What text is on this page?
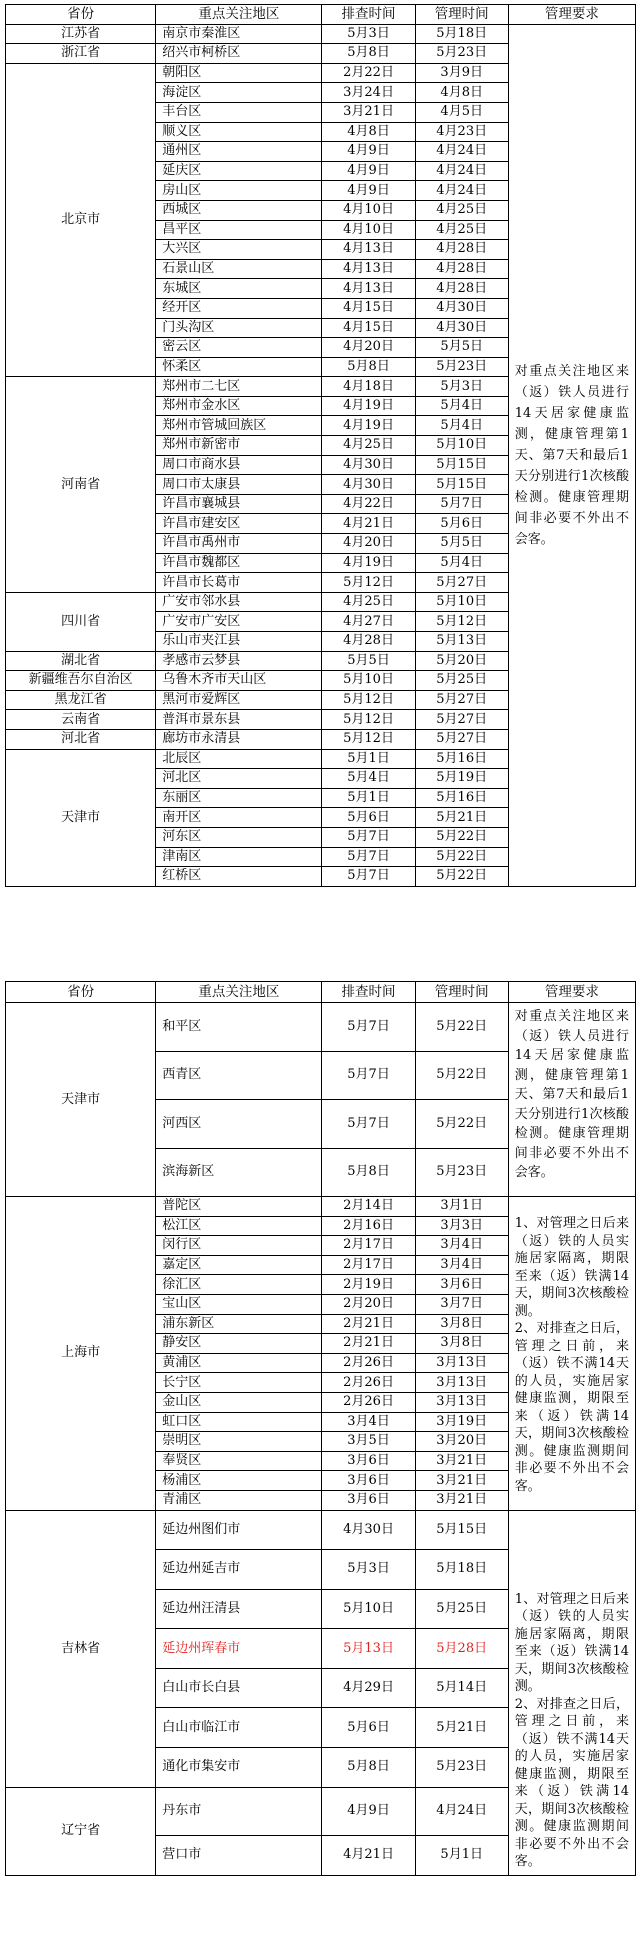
省份	重点关注地区	排查时间	管理时间	管理要求
江苏省	南京市秦淮区	5月3日	5月18日	对重点关注地区来（返）铁人员进行14天居家健康监测，健康管理第1天、第7天和最后1天分别进行1次核酸检测。健康管理期间非必要不外出不会客。
浙江省	绍兴市柯桥区	5月8日	5月23日	
北京市	朝阳区	2月22日	3月9日	
	海淀区	3月24日	4月8日	
	丰台区	3月21日	4月5日	
	顺义区	4月8日	4月23日	
	通州区	4月9日	4月24日	
	延庆区	4月9日	4月24日	
	房山区	4月9日	4月24日	
	西城区	4月10日	4月25日	
	昌平区	4月10日	4月25日	
	大兴区	4月13日	4月28日	
	石景山区	4月13日	4月28日	
	东城区	4月13日	4月28日	
	经开区	4月15日	4月30日	
	门头沟区	4月15日	4月30日	
	密云区	4月20日	5月5日	
	怀柔区	5月8日	5月23日	
河南省	郑州市二七区	4月18日	5月3日	
	郑州市金水区	4月19日	5月4日	
	郑州市管城回族区	4月19日	5月4日	
	郑州市新密市	4月25日	5月10日	
	周口市商水县	4月30日	5月15日	
	周口市太康县	4月30日	5月15日	
	许昌市襄城县	4月22日	5月7日	
	许昌市建安区	4月21日	5月6日	
	许昌市禹州市	4月20日	5月5日	
	许昌市魏都区	4月19日	5月4日	
	许昌市长葛市	5月12日	5月27日	
四川省	广安市邻水县	4月25日	5月10日	
	广安市广安区	4月27日	5月12日	
	乐山市夹江县	4月28日	5月13日	
湖北省	孝感市云梦县	5月5日	5月20日	
新疆维吾尔自治区	乌鲁木齐市天山区	5月10日	5月25日	
黑龙江省	黑河市爱辉区	5月12日	5月27日	
云南省	普洱市景东县	5月12日	5月27日	
河北省	廊坊市永清县	5月12日	5月27日	
天津市	北辰区	5月1日	5月16日	
	河北区	5月4日	5月19日	
	东丽区	5月1日	5月16日	
	南开区	5月6日	5月21日	
	河东区	5月7日	5月22日	
	津南区	5月7日	5月22日	
	红桥区	5月7日	5月22日	
省份	重点关注地区	排查时间	管理时间	管理要求
天津市	和平区	5月7日	5月22日	对重点关注地区来（返）铁人员进行14天居家健康监测，健康管理第1天、第7天和最后1天分别进行1次核酸检测。健康管理期间非必要不外出不会客。
	西青区	5月7日	5月22日	
	河西区	5月7日	5月22日	
	滨海新区	5月8日	5月23日	
上海市	普陀区	2月14日	3月1日	1、对管理之日后来（返）铁的人员实施居家隔离，期限至来（返）铁满14天，期间3次核酸检测。
2、对排查之日后，管理之日前，来（返）铁不满14天的人员，实施居家健康监测，期限至来（返）铁满14天，期间3次核酸检测。健康监测期间非必要不外出不会客。
	松江区	2月16日	3月3日	
	闵行区	2月17日	3月4日	
	嘉定区	2月17日	3月4日	
	徐汇区	2月19日	3月6日	
	宝山区	2月20日	3月7日	
	浦东新区	2月21日	3月8日	
	静安区	2月21日	3月8日	
	黄浦区	2月26日	3月13日	
	长宁区	2月26日	3月13日	
	金山区	2月26日	3月13日	
	虹口区	3月4日	3月19日	
	崇明区	3月5日	3月20日	
	奉贤区	3月6日	3月21日	
	杨浦区	3月6日	3月21日	
	青浦区	3月6日	3月21日	
吉林省	延边州图们市	4月30日	5月15日	1、对管理之日后来（返）铁的人员实施居家隔离，期限至来（返）铁满14天，期间3次核酸检测。
2、对排查之日后，管理之日前，来（返）铁不满14天的人员，实施居家健康监测，期限至来（返）铁满14天，期间3次核酸检测。健康监测期间非必要不外出不会客。
	延边州延吉市	5月3日	5月18日	
	延边州汪清县	5月10日	5月25日	
	延边州珲春市	5月13日	5月28日	
	白山市长白县	4月29日	5月14日	
	白山市临江市	5月6日	5月21日	
	通化市集安市	5月8日	5月23日	
辽宁省	丹东市	4月9日	4月24日	
	营口市	4月21日	5月1日	
